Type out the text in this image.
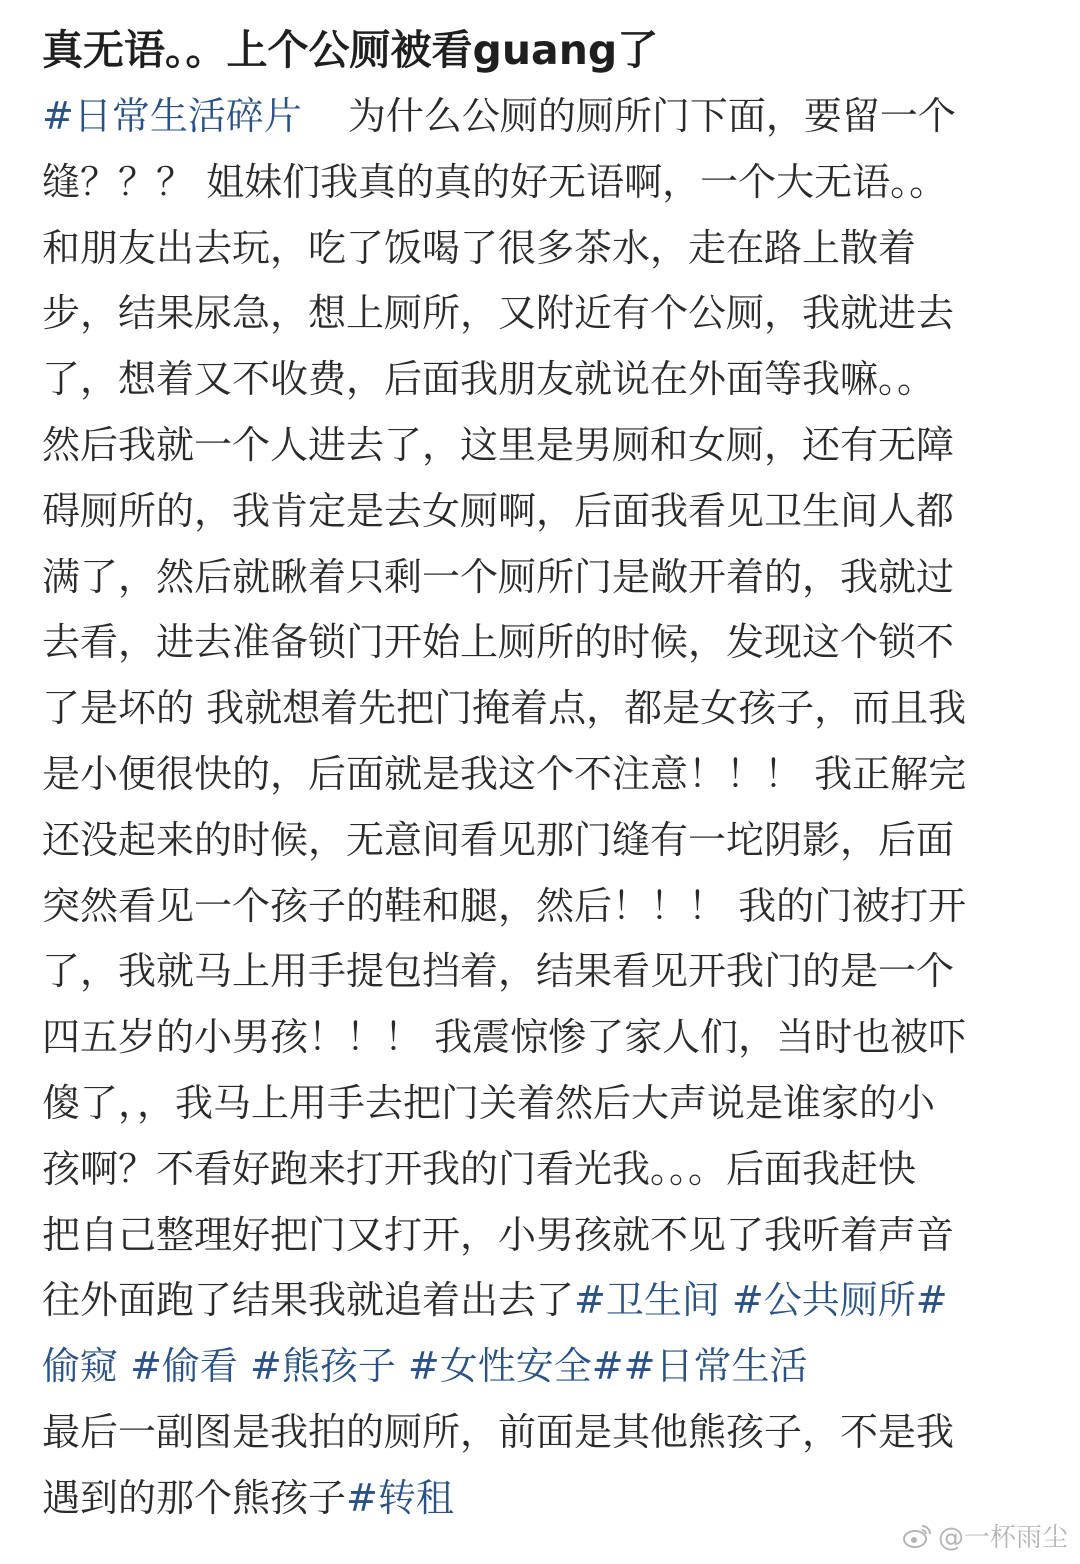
真无语。。上个公厕被看guang了
#日常生活碎片 为什么公厕的厕所门下面，要留一个
缝？？？ 姐妹们我真的真的好无语啊，一个大无语。。
和朋友出去玩，吃了饭喝了很多茶水，走在路上散着
步，结果尿急，想上厕所，又附近有个公厕，我就进去
了，想着又不收费，后面我朋友就说在外面等我嘛。。
然后我就一个人进去了，这里是男厕和女厕，还有无障
碍厕所的，我肯定是去女厕啊，后面我看见卫生间人都
满了，然后就瞅着只剩一个厕所门是敞开着的，我就过
去看，进去准备锁门开始上厕所的时候，发现这个锁不
了是坏的 我就想着先把门掩着点，都是女孩子，而且我
是小便很快的，后面就是我这个不注意！！！ 我正解完
还没起来的时候，无意间看见那门缝有一坨阴影，后面
突然看见一个孩子的鞋和腿，然后！！！ 我的门被打开
了，我就马上用手提包挡着，结果看见开我门的是一个
四五岁的小男孩！！！ 我震惊惨了家人们，当时也被吓
傻了，，我马上用手去把门关着然后大声说是谁家的小
孩啊？不看好跑来打开我的门看光我。。。后面我赶快
把自己整理好把门又打开，小男孩就不见了我听着声音
往外面跑了结果我就追着出去了#卫生间 #公共厕所#
偷窥 #偷看 #熊孩子 #女性安全##日常生活
最后一副图是我拍的厕所，前面是其他熊孩子，不是我
遇到的那个熊孩子#转租
@一杯雨尘
